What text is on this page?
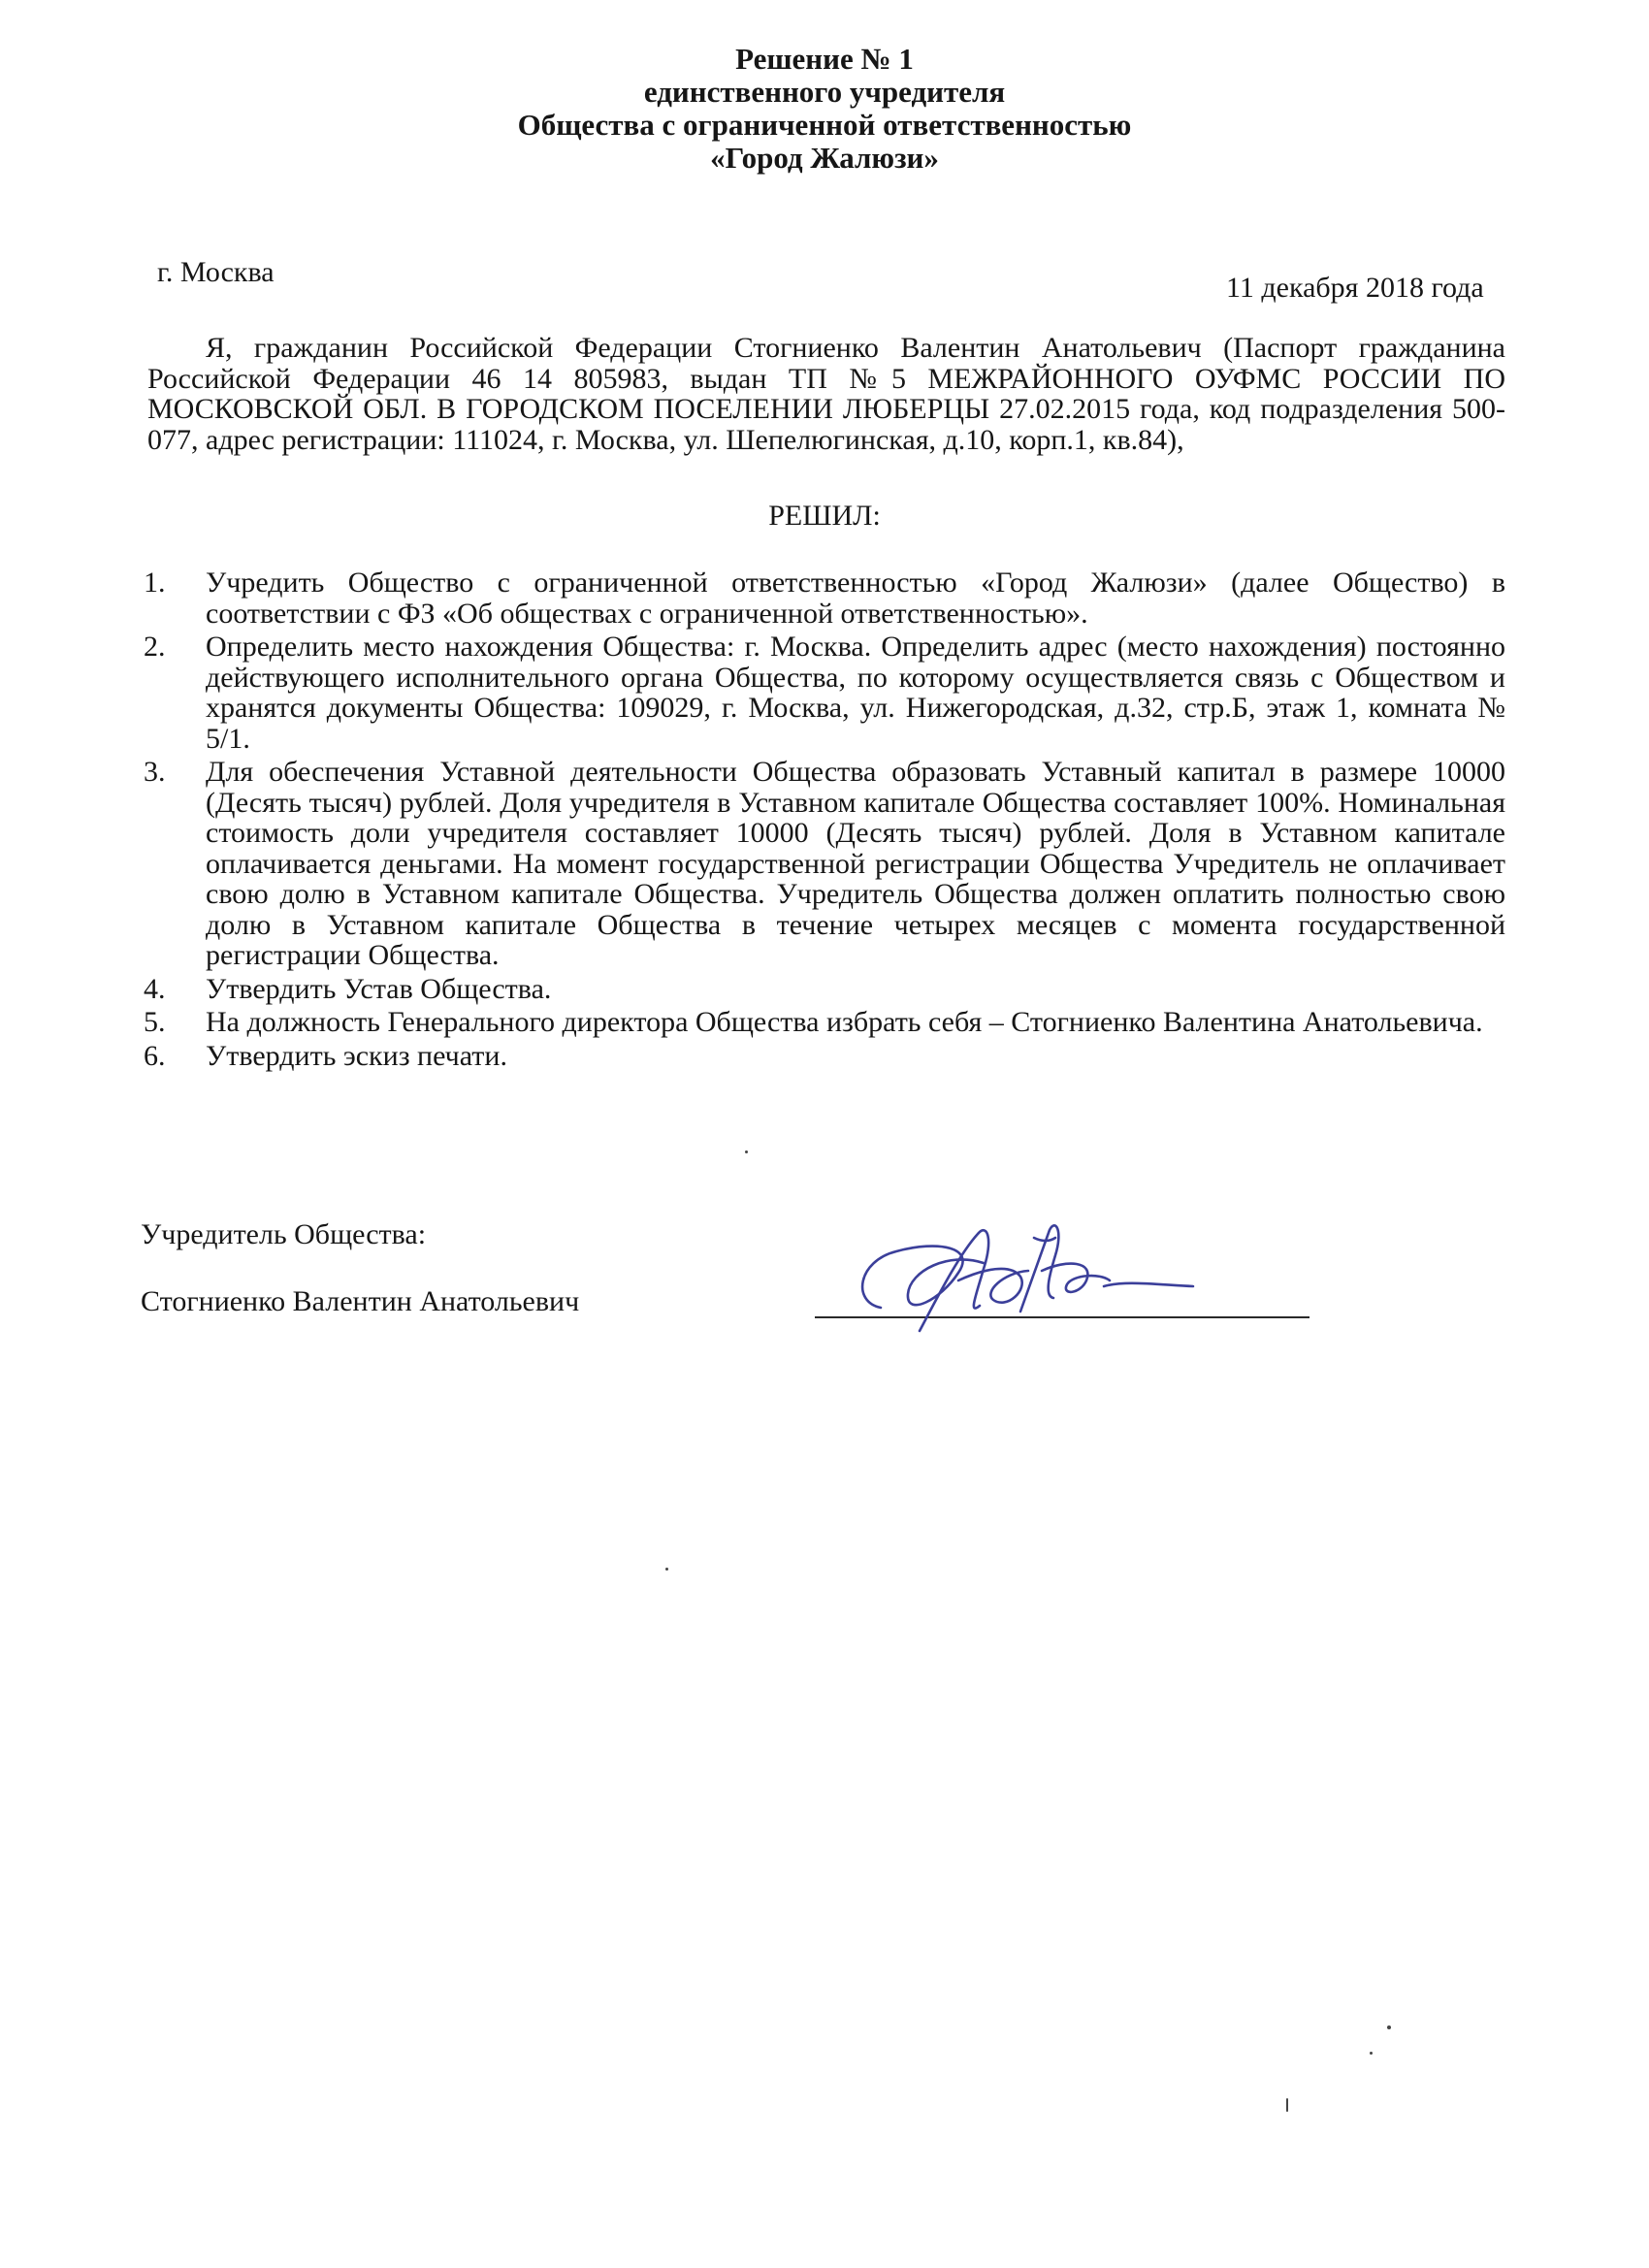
Решение № 1
единственного учредителя
Общества с ограниченной ответственностью
«Город Жалюзи»
г. Москва	11 декабря 2018 года

Я, гражданин Российской Федерации Стогниенко Валентин Анатольевич (Паспорт гражданина Российской Федерации 46 14 805983, выдан ТП №5 МЕЖРАЙОННОГО ОУФМС РОССИИ ПО МОСКОВСКОЙ ОБЛ. В ГОРОДСКОМ ПОСЕЛЕНИИ ЛЮБЕРЦЫ 27.02.2015 года, код подразделения 500-077, адрес регистрации: 111024, г. Москва, ул. Шепелюгинская, д.10, корп.1, кв.84),

РЕШИЛ:
1.	Учредить Общество с ограниченной ответственностью «Город Жалюзи» (далее Общество) в соответствии с ФЗ «Об обществах с ограниченной ответственностью».
2.	Определить место нахождения Общества: г. Москва. Определить адрес (место нахождения) постоянно действующего исполнительного органа Общества, по которому осуществляется связь с Обществом и хранятся документы Общества: 109029, г. Москва, ул. Нижегородская, д.32, стр.Б, этаж 1, комната № 5/1.
3.	Для обеспечения Уставной деятельности Общества образовать Уставный капитал в размере 10000 (Десять тысяч) рублей. Доля учредителя в Уставном капитале Общества составляет 100%. Номинальная стоимость доли учредителя составляет 10000 (Десять тысяч) рублей. Доля в Уставном капитале оплачивается деньгами. На момент государственной регистрации Общества Учредитель не оплачивает свою долю в Уставном капитале Общества. Учредитель Общества должен оплатить полностью свою долю в Уставном капитале Общества в течение четырех месяцев с момента государственной регистрации Общества.
4.	Утвердить Устав Общества.
5.	На должность Генерального директора Общества избрать себя – Стогниенко Валентина Анатольевича.
6.	Утвердить эскиз печати.
Учредитель Общества:
Стогниенко Валентин Анатольевич
